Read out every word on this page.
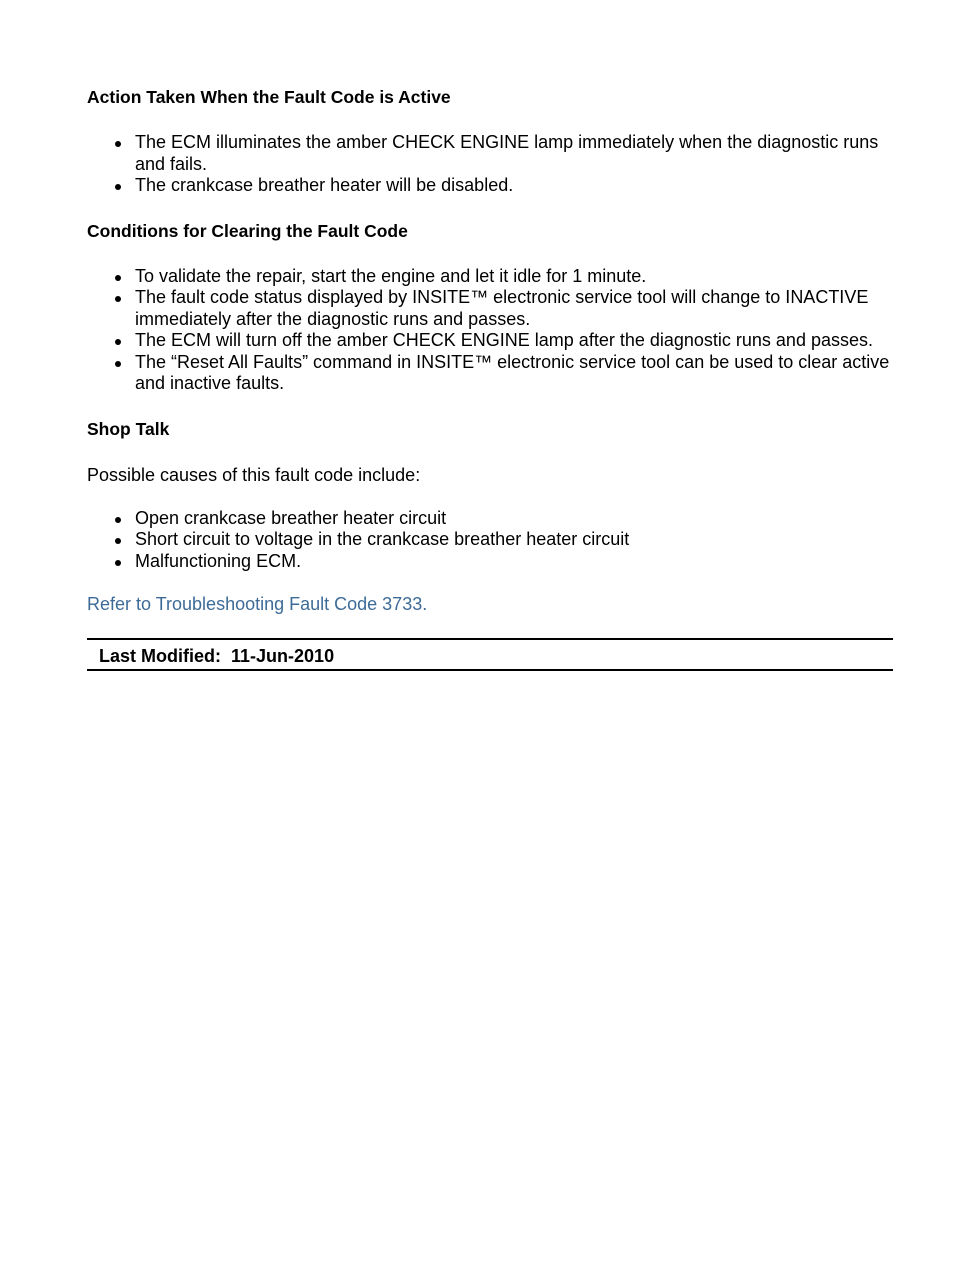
Action Taken When the Fault Code is Active
The ECM illuminates the amber CHECK ENGINE lamp immediately when the diagnostic runs and fails.
The crankcase breather heater will be disabled.
Conditions for Clearing the Fault Code
To validate the repair, start the engine and let it idle for 1 minute.
The fault code status displayed by INSITE™ electronic service tool will change to INACTIVE immediately after the diagnostic runs and passes.
The ECM will turn off the amber CHECK ENGINE lamp after the diagnostic runs and passes.
The “Reset All Faults” command in INSITE™ electronic service tool can be used to clear active and inactive faults.
Shop Talk

Possible causes of this fault code include:

Open crankcase breather heater circuit
Short circuit to voltage in the crankcase breather heater circuit
Malfunctioning ECM.
Refer to Troubleshooting Fault Code 3733.
Last Modified: 11-Jun-2010
